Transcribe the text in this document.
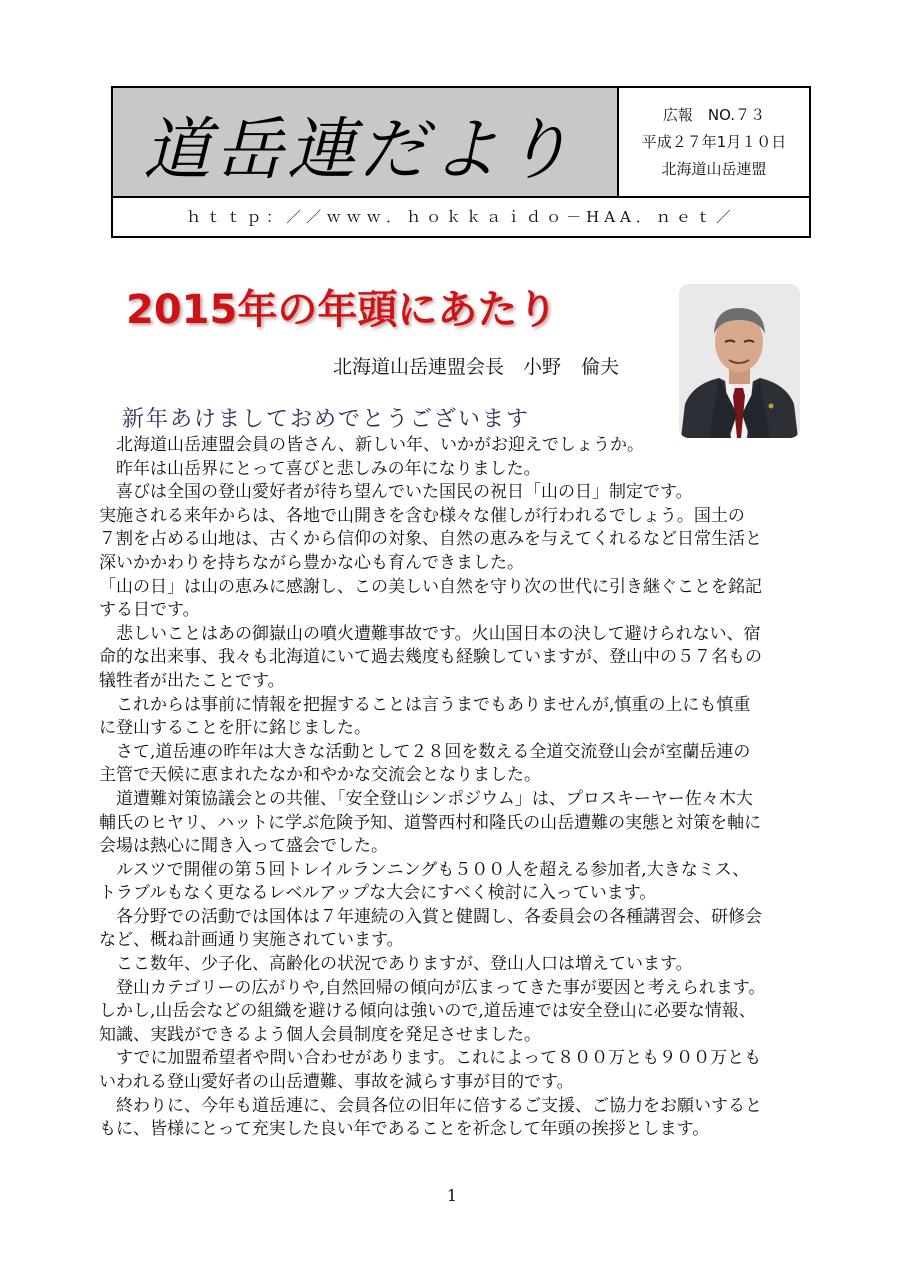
道岳連だより	広報　NO.７３
平成２７年1月１０日
北海道山岳連盟
ｈｔｔｐ：／／ｗｗｗ．ｈｏｋｋａｉｄｏ－HAA．ｎｅｔ／
2015年の年頭にあたり
北海道山岳連盟会長　小野 倫夫
新年あけましておめでとうございます
　北海道山岳連盟会員の皆さん、新しい年、いかがお迎えでしょうか。
　昨年は山岳界にとって喜びと悲しみの年になりました。
　喜びは全国の登山愛好者が待ち望んでいた国民の祝日「山の日」制定です。
実施される来年からは、各地で山開きを含む様々な催しが行われるでしょう。国土の
７割を占める山地は、古くから信仰の対象、自然の恵みを与えてくれるなど日常生活と
深いかかわりを持ちながら豊かな心も育んできました。
「山の日」は山の恵みに感謝し、この美しい自然を守り次の世代に引き継ぐことを銘記
する日です。
　悲しいことはあの御嶽山の噴火遭難事故です。火山国日本の決して避けられない、宿
命的な出来事、我々も北海道にいて過去幾度も経験していますが、登山中の５７名もの
犠牲者が出たことです。
　これからは事前に情報を把握することは言うまでもありませんが,慎重の上にも慎重
に登山することを肝に銘じました。
　さて,道岳連の昨年は大きな活動として２８回を数える全道交流登山会が室蘭岳連の
主管で天候に恵まれたなか和やかな交流会となりました。
　道遭難対策協議会との共催、「安全登山シンポジウム」は、プロスキーヤー佐々木大
輔氏のヒヤリ、ハットに学ぶ危険予知、道警西村和隆氏の山岳遭難の実態と対策を軸に
会場は熱心に聞き入って盛会でした。
　ルスツで開催の第５回トレイルランニングも５００人を超える参加者,大きなミス、
トラブルもなく更なるレベルアップな大会にすべく検討に入っています。
　各分野での活動では国体は７年連続の入賞と健闘し、各委員会の各種講習会、研修会
など、概ね計画通り実施されています。
　ここ数年、少子化、高齢化の状況でありますが、登山人口は増えています。
　登山カテゴリーの広がりや,自然回帰の傾向が広まってきた事が要因と考えられます。
しかし,山岳会などの組織を避ける傾向は強いので,道岳連では安全登山に必要な情報、
知識、実践ができるよう個人会員制度を発足させました。
　すでに加盟希望者や問い合わせがあります。これによって８００万とも９００万とも
いわれる登山愛好者の山岳遭難、事故を減らす事が目的です。
　終わりに、今年も道岳連に、会員各位の旧年に倍するご支援、ご協力をお願いすると
もに、皆様にとって充実した良い年であることを祈念して年頭の挨拶とします。
1
